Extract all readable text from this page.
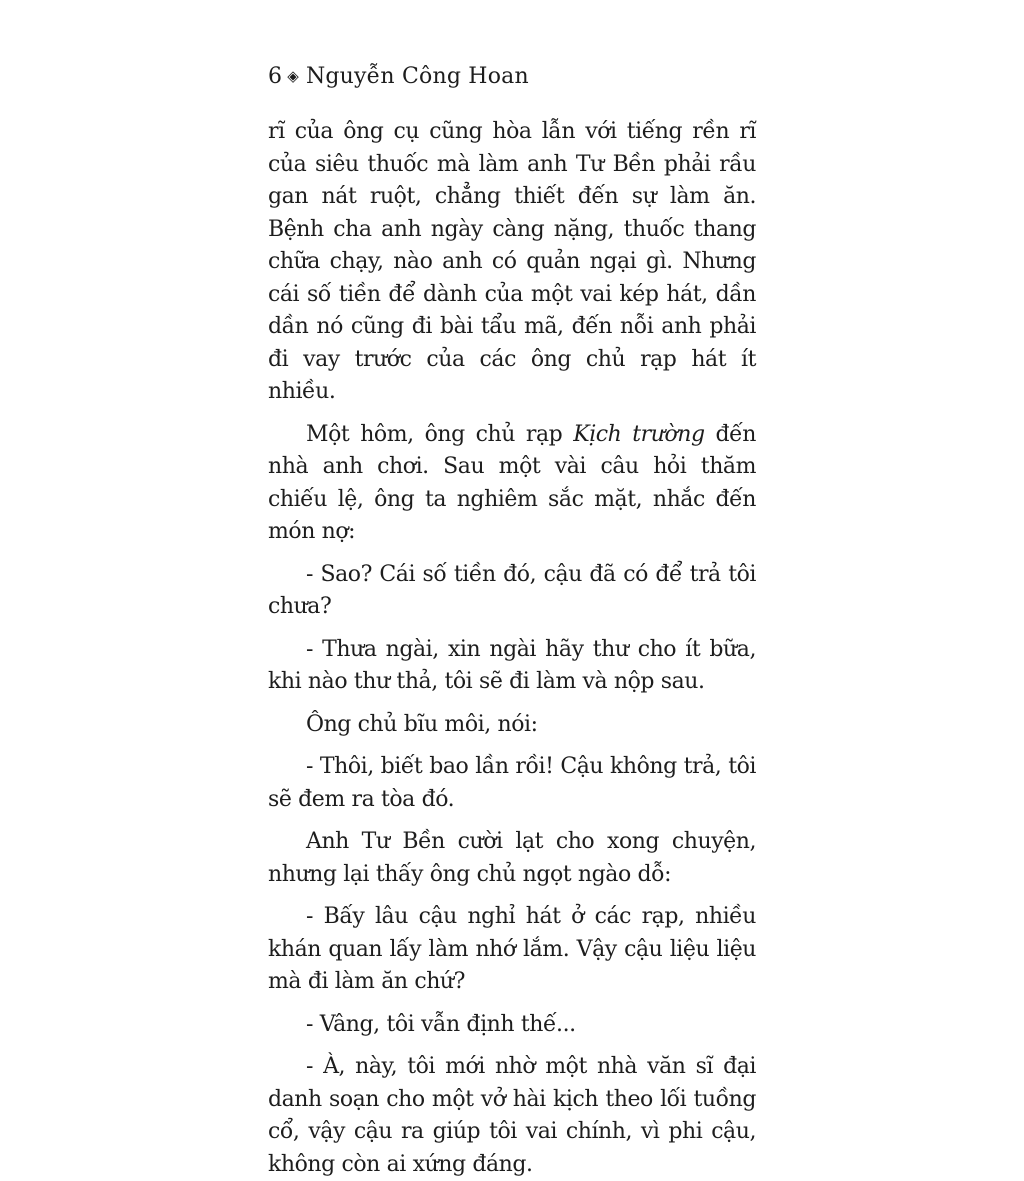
6 ◈ Nguyễn Công Hoan

rĩ của ông cụ cũng hòa lẫn với tiếng rền rĩ của siêu thuốc mà làm anh Tư Bền phải rầu gan nát ruột, chẳng thiết đến sự làm ăn. Bệnh cha anh ngày càng nặng, thuốc thang chữa chạy, nào anh có quản ngại gì. Nhưng cái số tiền để dành của một vai kép hát, dần dần nó cũng đi bài tẩu mã, đến nỗi anh phải đi vay trước của các ông chủ rạp hát ít nhiều.

Một hôm, ông chủ rạp Kịch trường đến nhà anh chơi. Sau một vài câu hỏi thăm chiếu lệ, ông ta nghiêm sắc mặt, nhắc đến món nợ:

- Sao? Cái số tiền đó, cậu đã có để trả tôi chưa?

- Thưa ngài, xin ngài hãy thư cho ít bữa, khi nào thư thả, tôi sẽ đi làm và nộp sau.

Ông chủ bĩu môi, nói:

- Thôi, biết bao lần rồi! Cậu không trả, tôi sẽ đem ra tòa đó.

Anh Tư Bền cười lạt cho xong chuyện, nhưng lại thấy ông chủ ngọt ngào dỗ:

- Bấy lâu cậu nghỉ hát ở các rạp, nhiều khán quan lấy làm nhớ lắm. Vậy cậu liệu liệu mà đi làm ăn chứ?

- Vâng, tôi vẫn định thế...

- À, này, tôi mới nhờ một nhà văn sĩ đại danh soạn cho một vở hài kịch theo lối tuồng cổ, vậy cậu ra giúp tôi vai chính, vì phi cậu, không còn ai xứng đáng.
